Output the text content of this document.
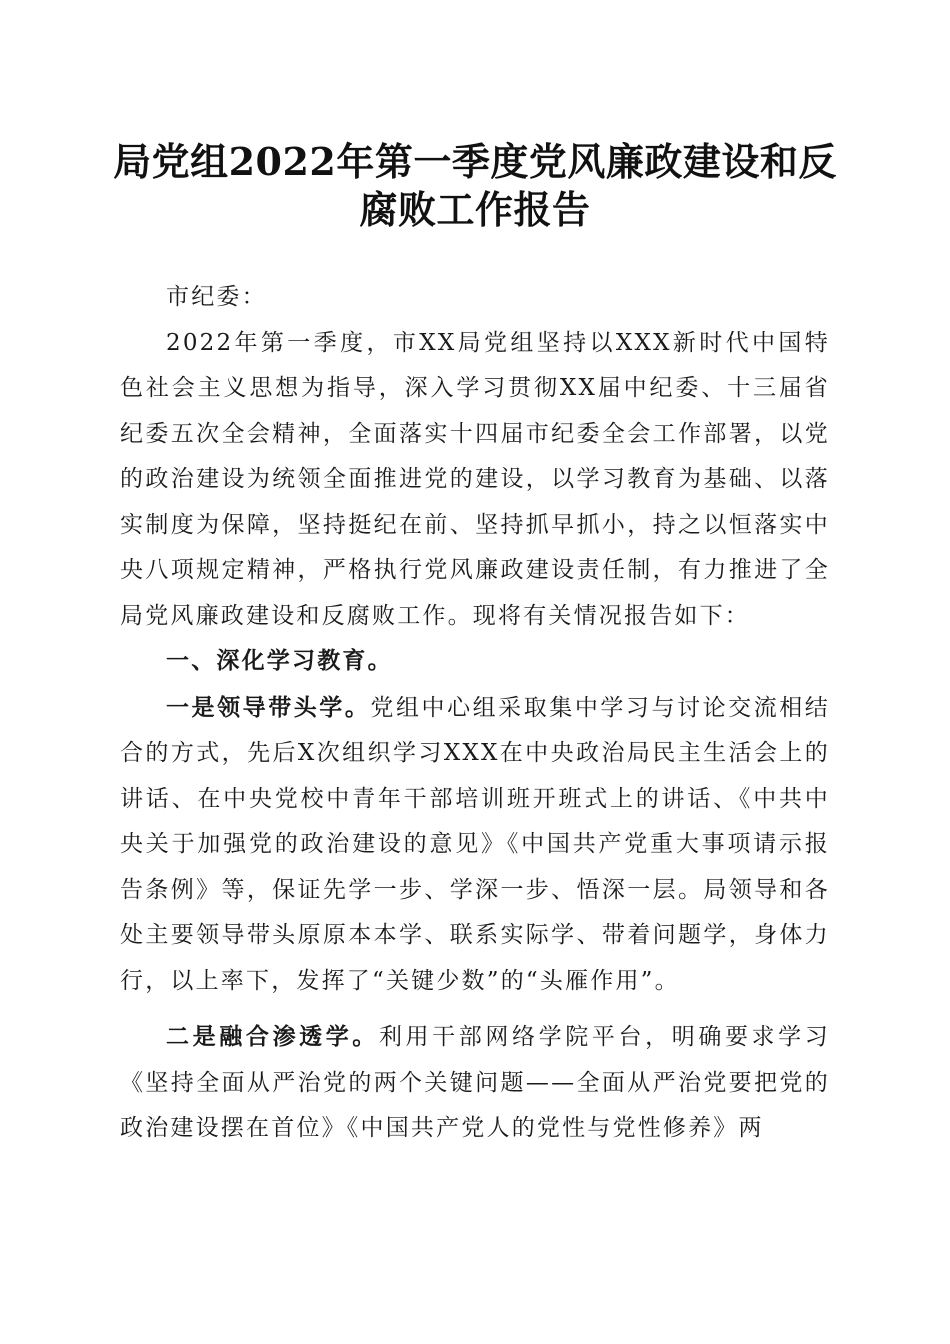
局党组2022年第一季度党风廉政建设和反腐败工作报告

市纪委：

2022年第一季度，市XX局党组坚持以XXX新时代中国特色社会主义思想为指导，深入学习贯彻XX届中纪委、十三届省纪委五次全会精神，全面落实十四届市纪委全会工作部署，以党的政治建设为统领全面推进党的建设，以学习教育为基础、以落实制度为保障，坚持挺纪在前、坚持抓早抓小，持之以恒落实中央八项规定精神，严格执行党风廉政建设责任制，有力推进了全局党风廉政建设和反腐败工作。现将有关情况报告如下：

一、深化学习教育。

一是领导带头学。党组中心组采取集中学习与讨论交流相结合的方式，先后X次组织学习XXX在中央政治局民主生活会上的讲话、在中央党校中青年干部培训班开班式上的讲话、《中共中央关于加强党的政治建设的意见》《中国共产党重大事项请示报告条例》等，保证先学一步、学深一步、悟深一层。局领导和各处主要领导带头原原本本学、联系实际学、带着问题学，身体力行，以上率下，发挥了“关键少数”的“头雁作用”。

二是融合渗透学。利用干部网络学院平台，明确要求学习《坚持全面从严治党的两个关键问题——全面从严治党要把党的政治建设摆在首位》《中国共产党人的党性与党性修养》两
